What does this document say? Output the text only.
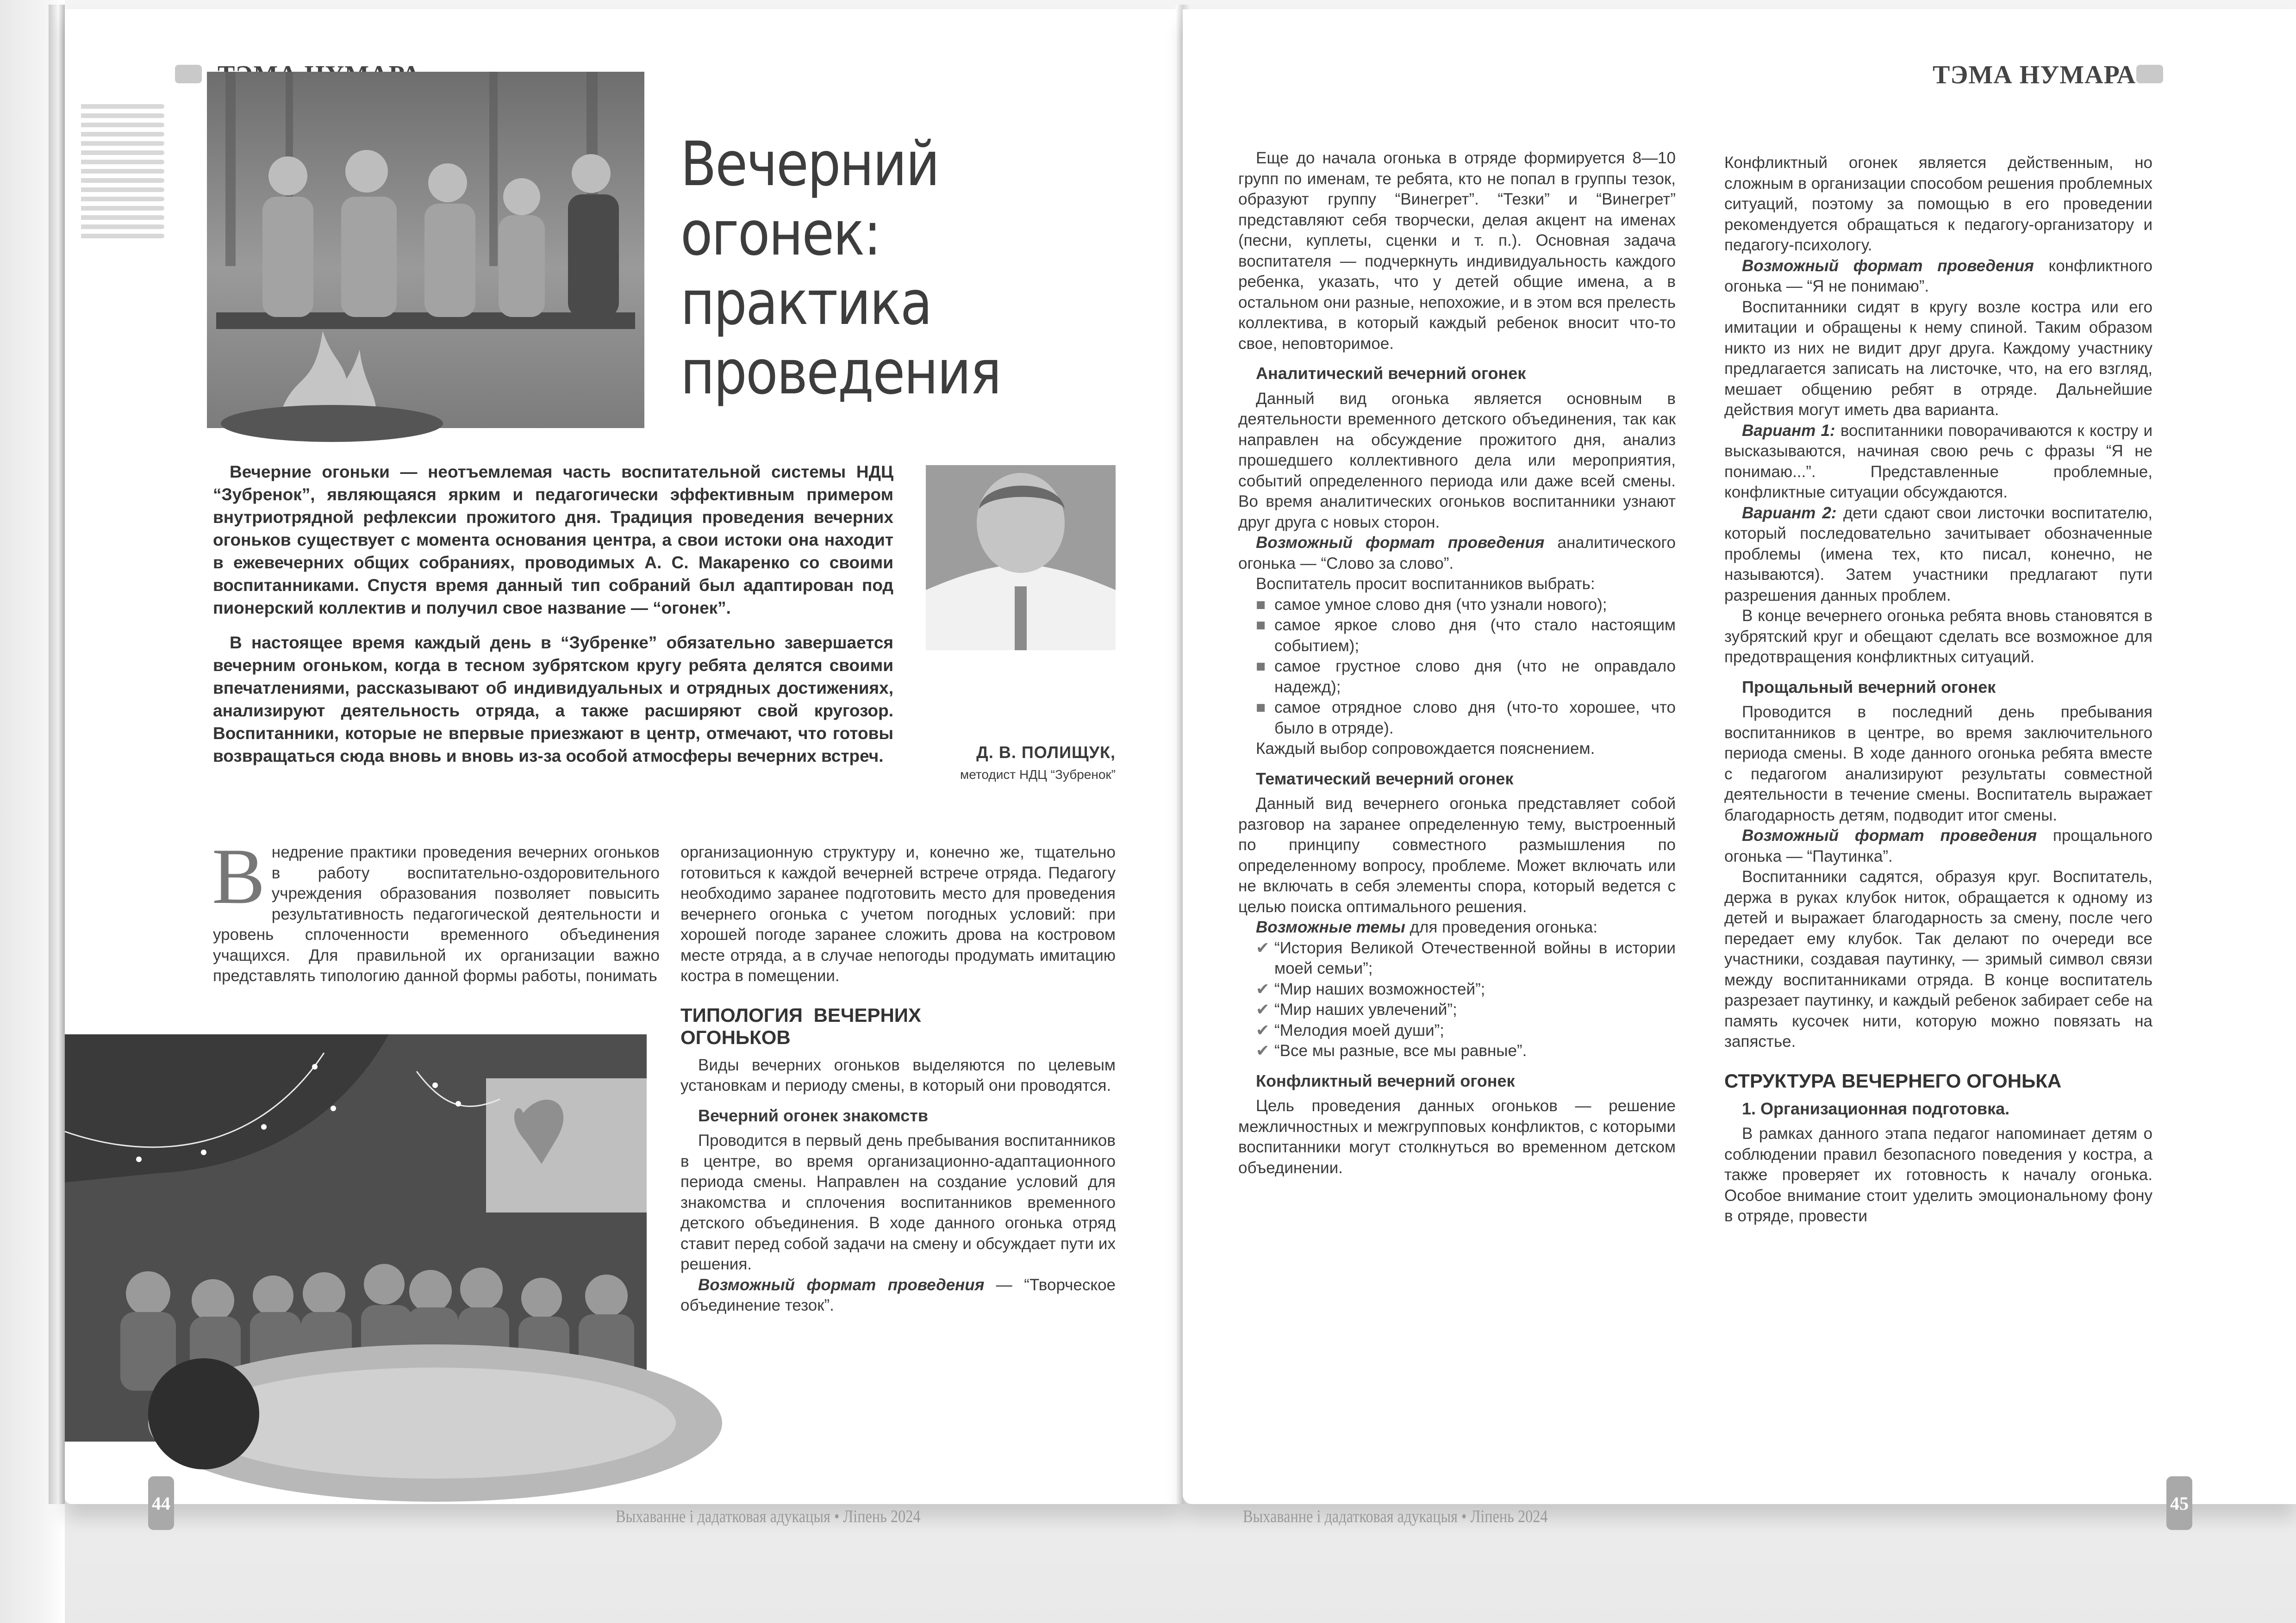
Вечерний
огонек:
практика
проведения

Вечерние огоньки — неотъемлемая часть воспитательной системы НДЦ “Зубренок”, являющаяся ярким и педагогически эффективным примером внутриотрядной рефлексии прожитого дня. Традиция проведения вечерних огоньков существует с момента основания центра, а свои истоки она находит в ежевечерних общих собраниях, проводимых А. С. Макаренко со своими воспитанниками. Спустя время данный тип собраний был адаптирован под пионерский коллектив и получил свое название — “огонек”.

В настоящее время каждый день в “Зубренке” обязательно завершается вечерним огоньком, когда в тесном зубрятском кругу ребята делятся своими впечатлениями, рассказывают об индивидуальных и отрядных достижениях, анализируют деятельность отряда, а также расширяют свой кругозор. Воспитанники, которые не впервые приезжают в центр, отмечают, что готовы возвращаться сюда вновь и вновь из-за особой атмосферы вечерних встреч.	Д. В. ПОЛИЩУК,
методист НДЦ “Зубренок”

Внедрение практики проведения вечерних огоньков в работу воспитательно-оздоровительного учреждения образования позволяет повысить результативность педагогической деятельности и уровень сплоченности временного объединения учащихся. Для правильной их организации важно представлять типологию данной формы работы, понимать

организационную структуру и, конечно же, тщательно готовиться к каждой вечерней встрече отряда. Педагогу необходимо заранее подготовить место для проведения вечернего огонька с учетом погодных условий: при хорошей погоде заранее сложить дрова на костровом месте отряда, а в случае непогоды продумать имитацию костра в помещении.

ТИПОЛОГИЯ ВЕЧЕРНИХ ОГОНЬКОВ

Виды вечерних огоньков выделяются по целевым установкам и периоду смены, в который они проводятся.

Вечерний огонек знакомств

Проводится в первый день пребывания воспитанников в центре, во время организационно-адаптационного периода смены. Направлен на создание условий для знакомства и сплочения воспитанников временного детского объединения. В ходе данного огонька отряд ставит перед собой задачи на смену и обсуждает пути их решения.

Возможный формат проведения — “Творческое объединение тезок”.

44
Выхаванне і дадатковая адукацыя • Ліпень 2024
ТЭМА НУМАРА

Еще до начала огонька в отряде формируется 8—10 групп по именам, те ребята, кто не попал в группы тезок, образуют группу “Винегрет”. “Тезки” и “Винегрет” представляют себя творчески, делая акцент на именах (песни, куплеты, сценки и т. п.). Основная задача воспитателя — подчеркнуть индивидуальность каждого ребенка, указать, что у детей общие имена, а в остальном они разные, непохожие, и в этом вся прелесть коллектива, в который каждый ребенок вносит что-то свое, неповторимое.

Аналитический вечерний огонек

Данный вид огонька является основным в деятельности временного детского объединения, так как направлен на обсуждение прожитого дня, анализ прошедшего коллективного дела или мероприятия, событий определенного периода или даже всей смены. Во время аналитических огоньков воспитанники узнают друг друга с новых сторон.

Возможный формат проведения аналитического огонька — “Слово за слово”.

Воспитатель просит воспитанников выбрать:

■ самое умное слово дня (что узнали нового);
■ самое яркое слово дня (что стало настоящим событием);
■ самое грустное слово дня (что не оправдало надежд);
■ самое отрядное слово дня (что-то хорошее, что было в отряде).

Каждый выбор сопровождается пояснением.

Тематический вечерний огонек

Данный вид вечернего огонька представляет собой разговор на заранее определенную тему, выстроенный по принципу совместного размышления по определенному вопросу, проблеме. Может включать или не включать в себя элементы спора, который ведется с целью поиска оптимального решения.

Возможные темы для проведения огонька:

✔ “История Великой Отечественной войны в истории моей семьи”;
✔ “Мир наших возможностей”;
✔ “Мир наших увлечений”;
✔ “Мелодия моей души”;
✔ “Все мы разные, все мы равные”.
Конфликтный вечерний огонек

Цель проведения данных огоньков — решение межличностных и межгрупповых конфликтов, с которыми воспитанники могут столкнуться во временном детском объединении.

Конфликтный огонек является действенным, но сложным в организации способом решения проблемных ситуаций, поэтому за помощью в его проведении рекомендуется обращаться к педагогу-организатору и педагогу-психологу.

Возможный формат проведения конфликтного огонька — “Я не понимаю”.

Воспитанники сидят в кругу возле костра или его имитации и обращены к нему спиной. Таким образом никто из них не видит друг друга. Каждому участнику предлагается записать на листочке, что, на его взгляд, мешает общению ребят в отряде. Дальнейшие действия могут иметь два варианта.

Вариант 1: воспитанники поворачиваются к костру и высказываются, начиная свою речь с фразы “Я не понимаю...”. Представленные проблемные, конфликтные ситуации обсуждаются.

Вариант 2: дети сдают свои листочки воспитателю, который последовательно зачитывает обозначенные проблемы (имена тех, кто писал, конечно, не называются). Затем участники предлагают пути разрешения данных проблем.

В конце вечернего огонька ребята вновь становятся в зубрятский круг и обещают сделать все возможное для предотвращения конфликтных ситуаций.

Прощальный вечерний огонек

Проводится в последний день пребывания воспитанников в центре, во время заключительного периода смены. В ходе данного огонька ребята вместе с педагогом анализируют результаты совместной деятельности в течение смены. Воспитатель выражает благодарность детям, подводит итог смены.

Возможный формат проведения прощального огонька — “Паутинка”.

Воспитанники садятся, образуя круг. Воспитатель, держа в руках клубок ниток, обращается к одному из детей и выражает благодарность за смену, после чего передает ему клубок. Так делают по очереди все участники, создавая паутинку, — зримый символ связи между воспитанниками отряда. В конце воспитатель разрезает паутинку, и каждый ребенок забирает себе на память кусочек нити, которую можно повязать на запястье.

СТРУКТУРА ВЕЧЕРНЕГО ОГОНЬКА
1. Организационная подготовка.

В рамках данного этапа педагог напоминает детям о соблюдении правил безопасного поведения у костра, а также проверяет их готовность к началу огонька. Особое внимание стоит уделить эмоциональному фону в отряде, провести

Выхаванне і дадатковая адукацыя • Ліпень 2024
45
